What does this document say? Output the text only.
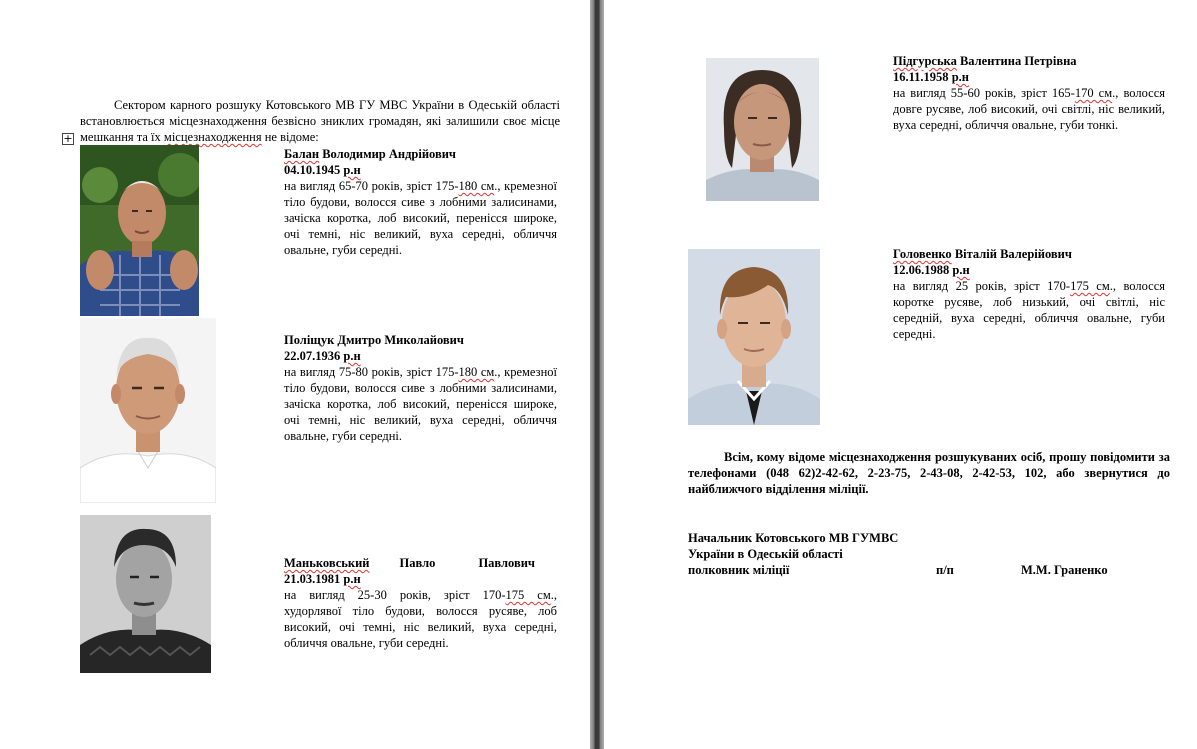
Сектором карного розшуку Котовського МВ ГУ МВС України в Одеській області встановлюється місцезнаходження безвісно зниклих громадян, які залишили своє місце мешкання та їх місцезнаходження не відоме:
+
Балан Володимир Андрійович
04.10.1945 р.н
на вигляд 65-70 років, зріст 175-180 см., кремезної тіло будови, волосся сиве з лобними залисинами, зачіска коротка, лоб високий, перенісся широке, очі темні, ніс великий, вуха середні, обличчя овальне, губи середні.
Поліщук Дмитро Миколайович
22.07.1936 р.н
на вигляд 75-80 років, зріст 175-180 см., кремезної тіло будови, волосся сиве з лобними залисинами, зачіска коротка, лоб високий, перенісся широке, очі темні, ніс великий, вуха середні, обличчя овальне, губи середні.
Маньковський	Павло Павлович
21.03.1981 р.н
на вигляд 25-30 років, зріст 170-175 см., худорлявої тіло будови, волосся русяве, лоб високий, очі темні, ніс великий, вуха середні, обличчя овальне, губи середні.
Підгурська Валентина Петрівна
16.11.1958 р.н
на вигляд 55-60 років, зріст 165-170 см., волосся довге русяве, лоб високий, очі світлі, ніс великий, вуха середні, обличчя овальне, губи тонкі.
Головенко Віталій Валерійович
12.06.1988 р.н
на вигляд 25 років, зріст 170-175 см., волосся коротке русяве, лоб низький, очі світлі, ніс середній, вуха середні, обличчя овальне, губи середні.
Всім, кому відоме місцезнаходження розшукуваних осіб, прошу повідомити за телефонами (048 62)2-42-62, 2-23-75, 2-43-08, 2-42-53, 102, або звернутися до найближчого відділення міліції.
Начальник Котовського МВ ГУМВС
України в Одеській області
полковник міліції	п/п	М.М. Граненко
